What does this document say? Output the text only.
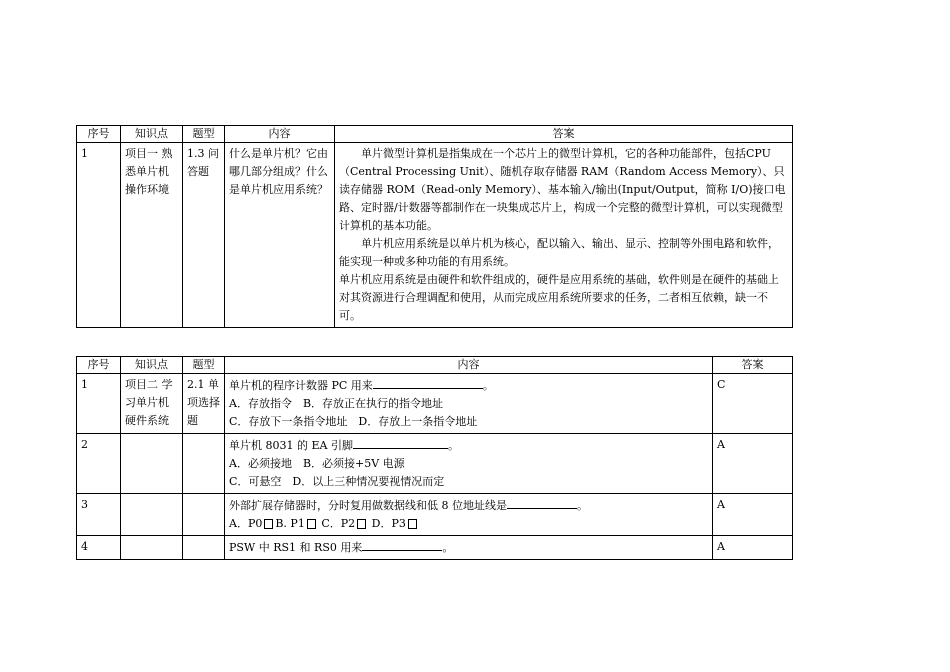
序号	知识点	题型	内容	答案
1	项目一 熟悉单片机操作环境	1.3 问答题	什么是单片机？它由哪几部分组成？什么是单片机应用系统？	单片微型计算机是指集成在一个芯片上的微型计算机，它的各种功能部件，包括CPU（Central Processing Unit）、随机存取存储器 RAM（Random Access Memory）、只读存储器 ROM（Read-only Memory）、基本输入/输出(Input/Output，简称 I/O)接口电路、定时器/计数器等都制作在一块集成芯片上，构成一个完整的微型计算机，可以实现微型计算机的基本功能。

单片机应用系统是以单片机为核心，配以输入、输出、显示、控制等外围电路和软件，能实现一种或多种功能的有用系统。

单片机应用系统是由硬件和软件组成的，硬件是应用系统的基础，软件则是在硬件的基础上对其资源进行合理调配和使用，从而完成应用系统所要求的任务，二者相互依赖，缺一不可。

序号	知识点	题型	内容	答案
1	项目二 学习单片机硬件系统	2.1 单项选择题	单片机的程序计数器 PC 用来 。
A．存放指令　B．存放正在执行的指令地址
C．存放下一条指令地址　D．存放上一条指令地址	C
2			单片机 8031 的 EA 引脚 。
A．必须接地　B．必须接+5V 电源
C．可悬空　D．以上三种情况要视情况而定	A
3			外部扩展存储器时，分时复用做数据线和低 8 位地址线是 。
A．P0 B. P1 C．P2 D．P3	A
4			PSW 中 RS1 和 RS0 用来 。	A
